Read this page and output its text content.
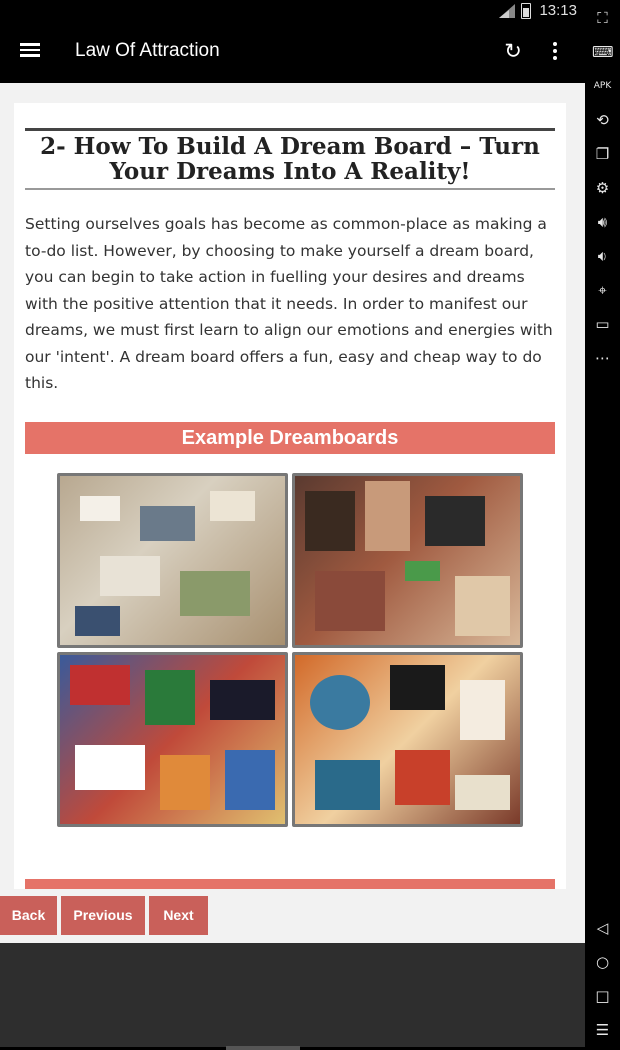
13:13
Law Of Attraction	↻
2- How To Build A Dream Board – Turn
Your Dreams Into A Reality!

Setting ourselves goals has become as common-place as making a to-do list. However, by choosing to make yourself a dream board, you can begin to take action in fuelling your desires and dreams with the positive attention that it needs. In order to manifest our dreams, we must first learn to align our emotions and energies with our 'intent'. A dream board offers a fun, easy and cheap way to do this.

Example Dreamboards
Back	Previous	Next
⛶
⌨
APK
⟲
❐
⚙
🔊︎
🔉︎
⌖
▭
⋯
◁
○
□
☰
